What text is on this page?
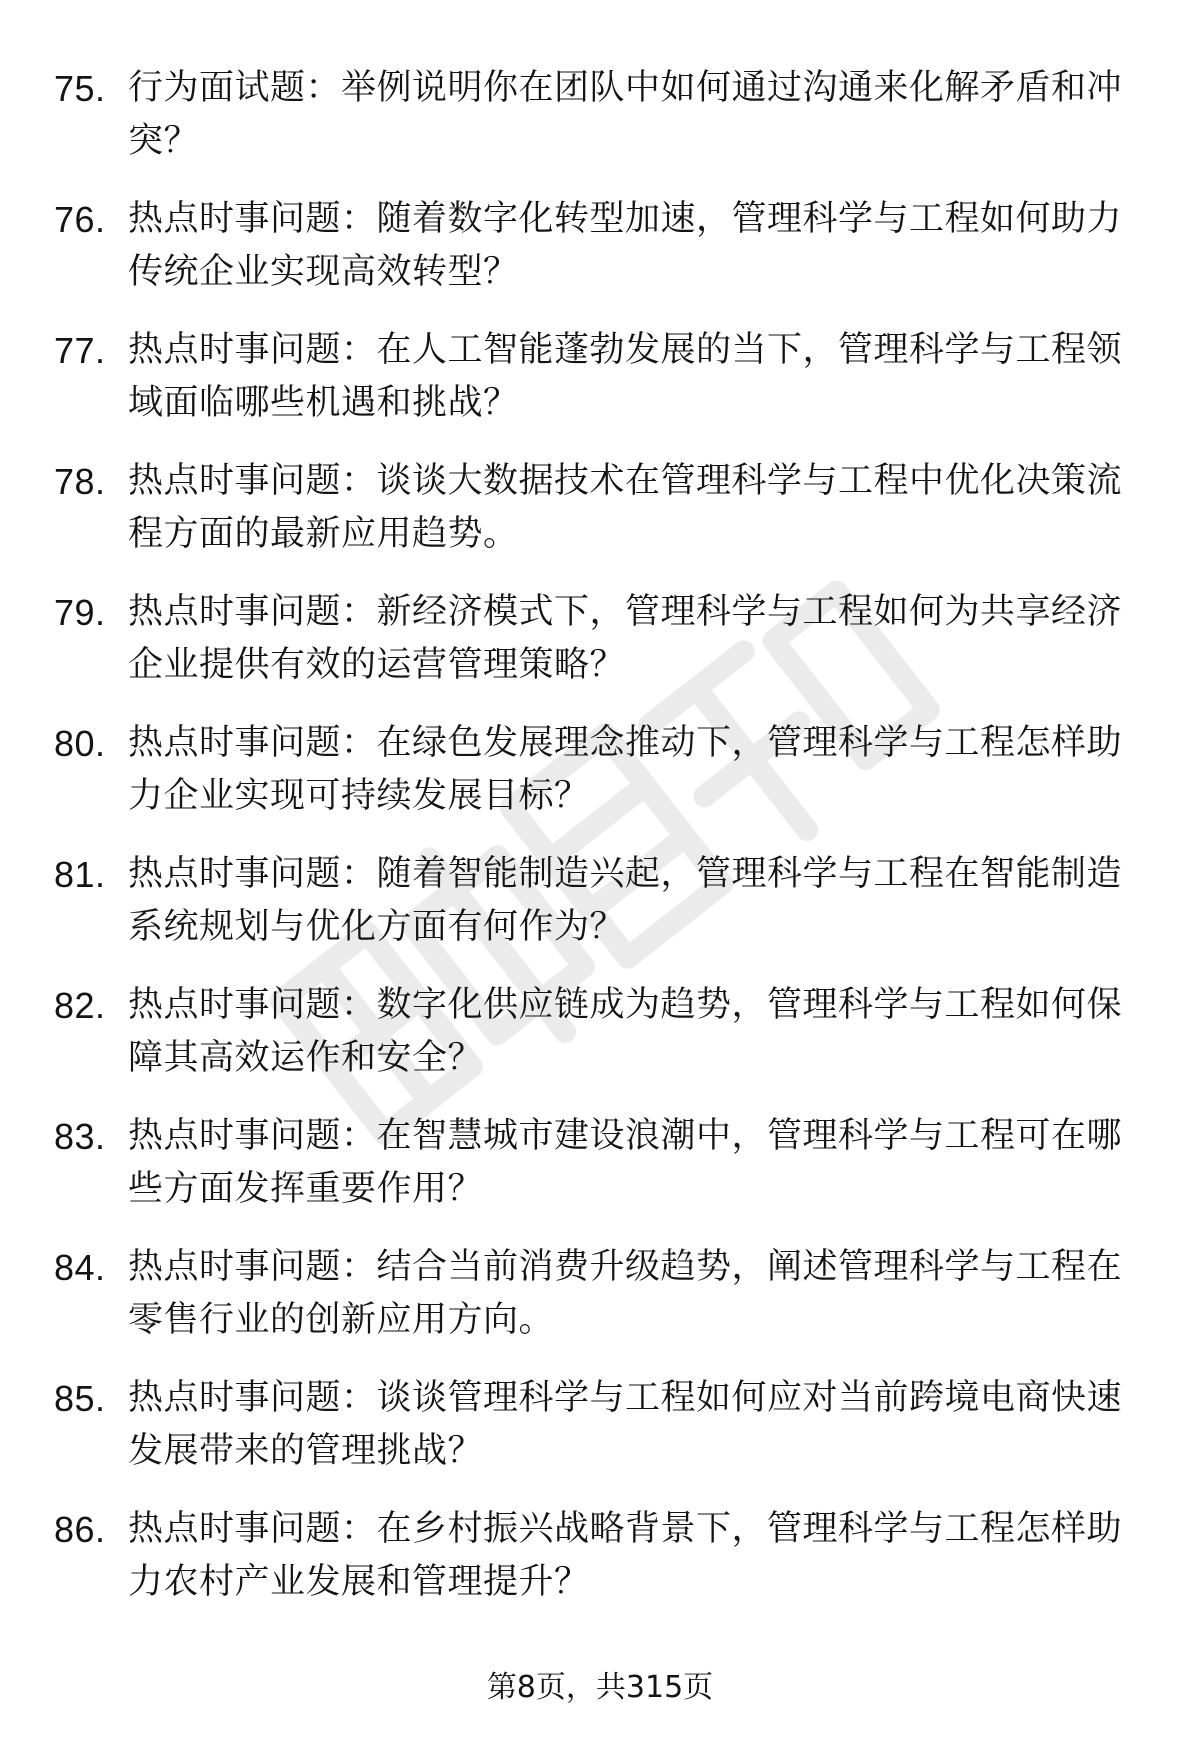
75. 行为面试题：举例说明你在团队中如何通过沟通来化解矛盾和冲突？
76. 热点时事问题：随着数字化转型加速，管理科学与工程如何助力传统企业实现高效转型？
77. 热点时事问题：在人工智能蓬勃发展的当下，管理科学与工程领域面临哪些机遇和挑战？
78. 热点时事问题：谈谈大数据技术在管理科学与工程中优化决策流程方面的最新应用趋势。
79. 热点时事问题：新经济模式下，管理科学与工程如何为共享经济企业提供有效的运营管理策略？
80. 热点时事问题：在绿色发展理念推动下，管理科学与工程怎样助力企业实现可持续发展目标？
81. 热点时事问题：随着智能制造兴起，管理科学与工程在智能制造系统规划与优化方面有何作为？
82. 热点时事问题：数字化供应链成为趋势，管理科学与工程如何保障其高效运作和安全？
83. 热点时事问题：在智慧城市建设浪潮中，管理科学与工程可在哪些方面发挥重要作用？
84. 热点时事问题：结合当前消费升级趋势，阐述管理科学与工程在零售行业的创新应用方向。
85. 热点时事问题：谈谈管理科学与工程如何应对当前跨境电商快速发展带来的管理挑战？
86. 热点时事问题：在乡村振兴战略背景下，管理科学与工程怎样助力农村产业发展和管理提升？
第8页，共315页
